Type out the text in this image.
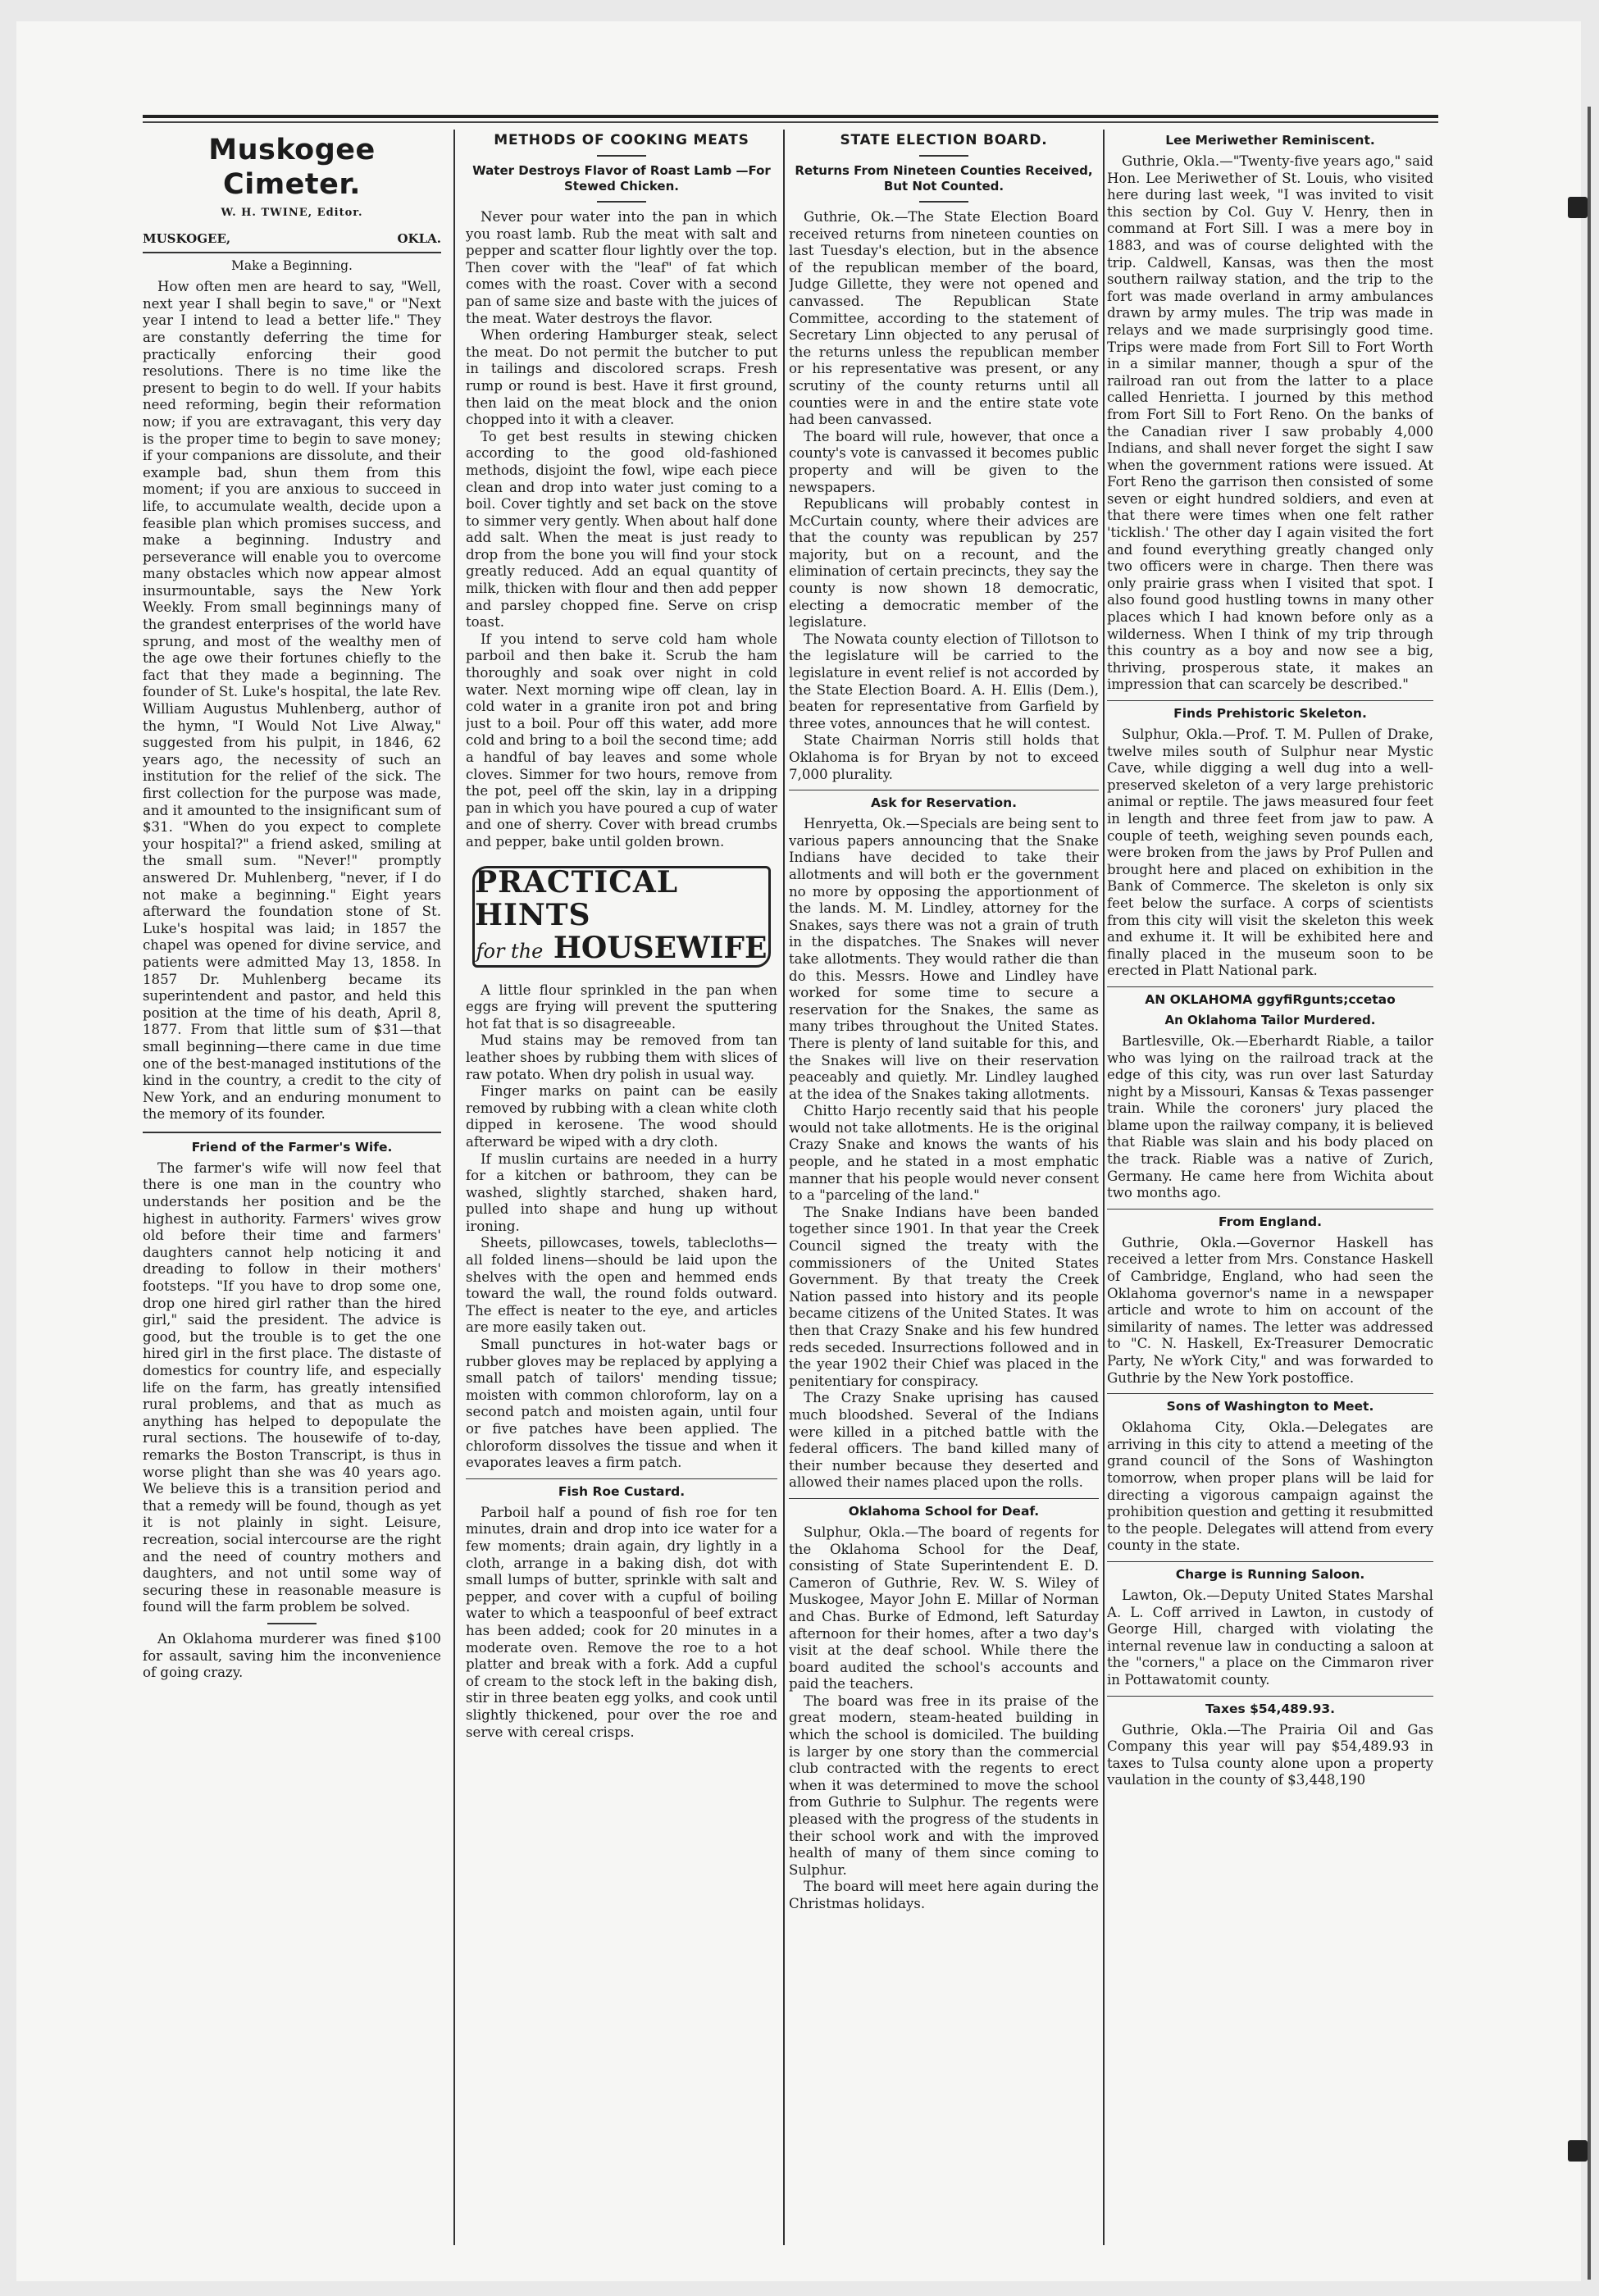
Muskogee Cimeter.
W. H. TWINE, Editor.
MUSKOGEE,	OKLA.
Make a Beginning.

How often men are heard to say, "Well, next year I shall begin to save," or "Next year I intend to lead a better life." They are constantly deferring the time for practically enforcing their good resolutions. There is no time like the present to begin to do well. If your habits need reforming, begin their reformation now; if you are extravagant, this very day is the proper time to begin to save money; if your companions are dissolute, and their example bad, shun them from this moment; if you are anxious to succeed in life, to accumulate wealth, decide upon a feasible plan which promises success, and make a beginning. Industry and perseverance will enable you to overcome many obstacles which now appear almost insurmountable, says the New York Weekly. From small beginnings many of the grandest enterprises of the world have sprung, and most of the wealthy men of the age owe their fortunes chiefly to the fact that they made a beginning. The founder of St. Luke's hospital, the late Rev. William Augustus Muhlenberg, author of the hymn, "I Would Not Live Alway," suggested from his pulpit, in 1846, 62 years ago, the necessity of such an institution for the relief of the sick. The first collection for the purpose was made, and it amounted to the insignificant sum of $31. "When do you expect to complete your hospital?" a friend asked, smiling at the small sum. "Never!" promptly answered Dr. Muhlenberg, "never, if I do not make a beginning." Eight years afterward the foundation stone of St. Luke's hospital was laid; in 1857 the chapel was opened for divine service, and patients were admitted May 13, 1858. In 1857 Dr. Muhlenberg became its superintendent and pastor, and held this position at the time of his death, April 8, 1877. From that little sum of $31—that small beginning—there came in due time one of the best-managed institutions of the kind in the country, a credit to the city of New York, and an enduring monument to the memory of its founder.

Friend of the Farmer's Wife.

The farmer's wife will now feel that there is one man in the country who understands her position and be the highest in authority. Farmers' wives grow old before their time and farmers' daughters cannot help noticing it and dreading to follow in their mothers' footsteps. "If you have to drop some one, drop one hired girl rather than the hired girl," said the president. The advice is good, but the trouble is to get the one hired girl in the first place. The distaste of domestics for country life, and especially life on the farm, has greatly intensified rural problems, and that as much as anything has helped to depopulate the rural sections. The housewife of to-day, remarks the Boston Transcript, is thus in worse plight than she was 40 years ago. We believe this is a transition period and that a remedy will be found, though as yet it is not plainly in sight. Leisure, recreation, social intercourse are the right and the need of country mothers and daughters, and not until some way of securing these in reasonable measure is found will the farm problem be solved.

An Oklahoma murderer was fined $100 for assault, saving him the inconvenience of going crazy.

METHODS OF COOKING MEATS
Water Destroys Flavor of Roast Lamb —For Stewed Chicken.

Never pour water into the pan in which you roast lamb. Rub the meat with salt and pepper and scatter flour lightly over the top. Then cover with the "leaf" of fat which comes with the roast. Cover with a second pan of same size and baste with the juices of the meat. Water destroys the flavor.

When ordering Hamburger steak, select the meat. Do not permit the butcher to put in tailings and discolored scraps. Fresh rump or round is best. Have it first ground, then laid on the meat block and the onion chopped into it with a cleaver.

To get best results in stewing chicken according to the good old-fashioned methods, disjoint the fowl, wipe each piece clean and drop into water just coming to a boil. Cover tightly and set back on the stove to simmer very gently. When about half done add salt. When the meat is just ready to drop from the bone you will find your stock greatly reduced. Add an equal quantity of milk, thicken with flour and then add pepper and parsley chopped fine. Serve on crisp toast.

If you intend to serve cold ham whole parboil and then bake it. Scrub the ham thoroughly and soak over night in cold water. Next morning wipe off clean, lay in cold water in a granite iron pot and bring just to a boil. Pour off this water, add more cold and bring to a boil the second time; add a handful of bay leaves and some whole cloves. Simmer for two hours, remove from the pot, peel off the skin, lay in a dripping pan in which you have poured a cup of water and one of sherry. Cover with bread crumbs and pepper, bake until golden brown.

PRACTICAL HINTS
for the HOUSEWIFE

A little flour sprinkled in the pan when eggs are frying will prevent the sputtering hot fat that is so disagreeable.

Mud stains may be removed from tan leather shoes by rubbing them with slices of raw potato. When dry polish in usual way.

Finger marks on paint can be easily removed by rubbing with a clean white cloth dipped in kerosene. The wood should afterward be wiped with a dry cloth.

If muslin curtains are needed in a hurry for a kitchen or bathroom, they can be washed, slightly starched, shaken hard, pulled into shape and hung up without ironing.

Sheets, pillowcases, towels, tablecloths—all folded linens—should be laid upon the shelves with the open and hemmed ends toward the wall, the round folds outward. The effect is neater to the eye, and articles are more easily taken out.

Small punctures in hot-water bags or rubber gloves may be replaced by applying a small patch of tailors' mending tissue; moisten with common chloroform, lay on a second patch and moisten again, until four or five patches have been applied. The chloroform dissolves the tissue and when it evaporates leaves a firm patch.

Fish Roe Custard.

Parboil half a pound of fish roe for ten minutes, drain and drop into ice water for a few moments; drain again, dry lightly in a cloth, arrange in a baking dish, dot with small lumps of butter, sprinkle with salt and pepper, and cover with a cupful of boiling water to which a teaspoonful of beef extract has been added; cook for 20 minutes in a moderate oven. Remove the roe to a hot platter and break with a fork. Add a cupful of cream to the stock left in the baking dish, stir in three beaten egg yolks, and cook until slightly thickened, pour over the roe and serve with cereal crisps.

STATE ELECTION BOARD.
Returns From Nineteen Counties Received, But Not Counted.

Guthrie, Ok.—The State Election Board received returns from nineteen counties on last Tuesday's election, but in the absence of the republican member of the board, Judge Gillette, they were not opened and canvassed. The Republican State Committee, according to the statement of Secretary Linn objected to any perusal of the returns unless the republican member or his representative was present, or any scrutiny of the county returns until all counties were in and the entire state vote had been canvassed.

The board will rule, however, that once a county's vote is canvassed it becomes public property and will be given to the newspapers.

Republicans will probably contest in McCurtain county, where their advices are that the county was republican by 257 majority, but on a recount, and the elimination of certain precincts, they say the county is now shown 18 democratic, electing a democratic member of the legislature.

The Nowata county election of Tillotson to the legislature will be carried to the legislature in event relief is not accorded by the State Election Board. A. H. Ellis (Dem.), beaten for representative from Garfield by three votes, announces that he will contest.

State Chairman Norris still holds that Oklahoma is for Bryan by not to exceed 7,000 plurality.

Ask for Reservation.

Henryetta, Ok.—Specials are being sent to various papers announcing that the Snake Indians have decided to take their allotments and will both er the government no more by opposing the apportionment of the lands. M. M. Lindley, attorney for the Snakes, says there was not a grain of truth in the dispatches. The Snakes will never take allotments. They would rather die than do this. Messrs. Howe and Lindley have worked for some time to secure a reservation for the Snakes, the same as many tribes throughout the United States. There is plenty of land suitable for this, and the Snakes will live on their reservation peaceably and quietly. Mr. Lindley laughed at the idea of the Snakes taking allotments.

Chitto Harjo recently said that his people would not take allotments. He is the original Crazy Snake and knows the wants of his people, and he stated in a most emphatic manner that his people would never consent to a "parceling of the land."

The Snake Indians have been banded together since 1901. In that year the Creek Council signed the treaty with the commissioners of the United States Government. By that treaty the Creek Nation passed into history and its people became citizens of the United States. It was then that Crazy Snake and his few hundred reds seceded. Insurrections followed and in the year 1902 their Chief was placed in the penitentiary for conspiracy.

The Crazy Snake uprising has caused much bloodshed. Several of the Indians were killed in a pitched battle with the federal officers. The band killed many of their number because they deserted and allowed their names placed upon the rolls.

Oklahoma School for Deaf.

Sulphur, Okla.—The board of regents for the Oklahoma School for the Deaf, consisting of State Superintendent E. D. Cameron of Guthrie, Rev. W. S. Wiley of Muskogee, Mayor John E. Millar of Norman and Chas. Burke of Edmond, left Saturday afternoon for their homes, after a two day's visit at the deaf school. While there the board audited the school's accounts and paid the teachers.

The board was free in its praise of the great modern, steam-heated building in which the school is domiciled. The building is larger by one story than the commercial club contracted with the regents to erect when it was determined to move the school from Guthrie to Sulphur. The regents were pleased with the progress of the students in their school work and with the improved health of many of them since coming to Sulphur.

The board will meet here again during the Christmas holidays.

Lee Meriwether Reminiscent.

Guthrie, Okla.—"Twenty-five years ago," said Hon. Lee Meriwether of St. Louis, who visited here during last week, "I was invited to visit this section by Col. Guy V. Henry, then in command at Fort Sill. I was a mere boy in 1883, and was of course delighted with the trip. Caldwell, Kansas, was then the most southern railway station, and the trip to the fort was made overland in army ambulances drawn by army mules. The trip was made in relays and we made surprisingly good time. Trips were made from Fort Sill to Fort Worth in a similar manner, though a spur of the railroad ran out from the latter to a place called Henrietta. I journed by this method from Fort Sill to Fort Reno. On the banks of the Canadian river I saw probably 4,000 Indians, and shall never forget the sight I saw when the government rations were issued. At Fort Reno the garrison then consisted of some seven or eight hundred soldiers, and even at that there were times when one felt rather 'ticklish.' The other day I again visited the fort and found everything greatly changed only two officers were in charge. Then there was only prairie grass when I visited that spot. I also found good hustling towns in many other places which I had known before only as a wilderness. When I think of my trip through this country as a boy and now see a big, thriving, prosperous state, it makes an impression that can scarcely be described."

Finds Prehistoric Skeleton.

Sulphur, Okla.—Prof. T. M. Pullen of Drake, twelve miles south of Sulphur near Mystic Cave, while digging a well dug into a well-preserved skeleton of a very large prehistoric animal or reptile. The jaws measured four feet in length and three feet from jaw to paw. A couple of teeth, weighing seven pounds each, were broken from the jaws by Prof Pullen and brought here and placed on exhibition in the Bank of Commerce. The skeleton is only six feet below the surface. A corps of scientists from this city will visit the skeleton this week and exhume it. It will be exhibited here and finally placed in the museum soon to be erected in Platt National park.

AN OKLAHOMA ggyfiRgunts;ccetao
An Oklahoma Tailor Murdered.

Bartlesville, Ok.—Eberhardt Riable, a tailor who was lying on the railroad track at the edge of this city, was run over last Saturday night by a Missouri, Kansas & Texas passenger train. While the coroners' jury placed the blame upon the railway company, it is believed that Riable was slain and his body placed on the track. Riable was a native of Zurich, Germany. He came here from Wichita about two months ago.

From England.

Guthrie, Okla.—Governor Haskell has received a letter from Mrs. Constance Haskell of Cambridge, England, who had seen the Oklahoma governor's name in a newspaper article and wrote to him on account of the similarity of names. The letter was addressed to "C. N. Haskell, Ex-Treasurer Democratic Party, Ne wYork City," and was forwarded to Guthrie by the New York postoffice.

Sons of Washington to Meet.

Oklahoma City, Okla.—Delegates are arriving in this city to attend a meeting of the grand council of the Sons of Washington tomorrow, when proper plans will be laid for directing a vigorous campaign against the prohibition question and getting it resubmitted to the people. Delegates will attend from every county in the state.

Charge is Running Saloon.

Lawton, Ok.—Deputy United States Marshal A. L. Coff arrived in Lawton, in custody of George Hill, charged with violating the internal revenue law in conducting a saloon at the "corners," a place on the Cimmaron river in Pottawatomit county.

Taxes $54,489.93.

Guthrie, Okla.—The Prairia Oil and Gas Company this year will pay $54,489.93 in taxes to Tulsa county alone upon a property vaulation in the county of $3,448,190
